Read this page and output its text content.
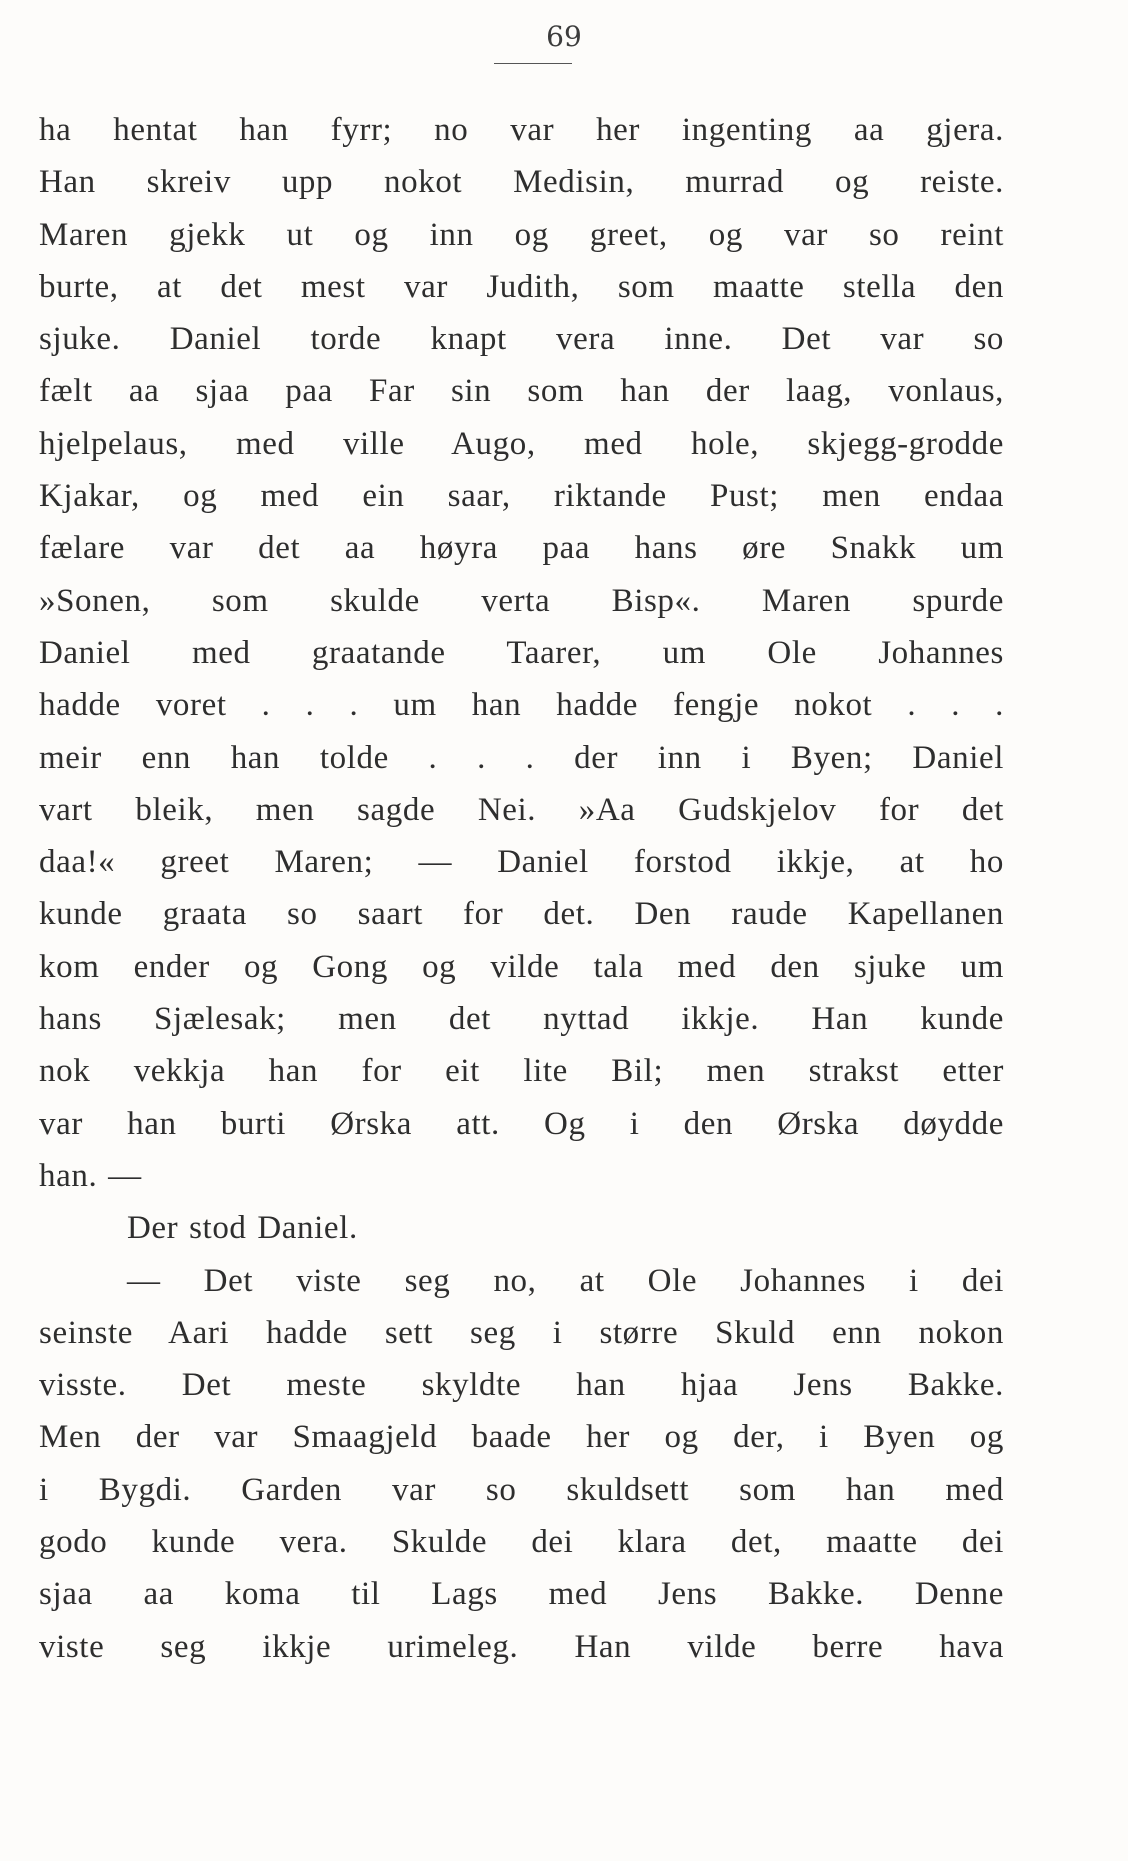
69
ha hentat han fyrr; no var her ingenting aa gjera.
Han skreiv upp nokot Medisin, murrad og reiste.
Maren gjekk ut og inn og greet, og var so reint
burte, at det mest var Judith, som maatte stella den
sjuke. Daniel torde knapt vera inne. Det var so
fælt aa sjaa paa Far sin som han der laag, vonlaus,
hjelpelaus, med ville Augo, med hole, skjegg-grodde
Kjakar, og med ein saar, riktande Pust; men endaa
fælare var det aa høyra paa hans øre Snakk um
»Sonen, som skulde verta Bisp«. Maren spurde
Daniel med graatande Taarer, um Ole Johannes
hadde voret . . . um han hadde fengje nokot . . .
meir enn han tolde . . . der inn i Byen; Daniel
vart bleik, men sagde Nei. »Aa Gudskjelov for det
daa!« greet Maren; — Daniel forstod ikkje, at ho
kunde graata so saart for det. Den raude Kapellanen
kom ender og Gong og vilde tala med den sjuke um
hans Sjælesak; men det nyttad ikkje. Han kunde
nok vekkja han for eit lite Bil; men strakst etter
var han burti Ørska att. Og i den Ørska døydde
han. —
Der stod Daniel.
— Det viste seg no, at Ole Johannes i dei
seinste Aari hadde sett seg i større Skuld enn nokon
visste. Det meste skyldte han hjaa Jens Bakke.
Men der var Smaagjeld baade her og der, i Byen og
i Bygdi. Garden var so skuldsett som han med
godo kunde vera. Skulde dei klara det, maatte dei
sjaa aa koma til Lags med Jens Bakke. Denne
viste seg ikkje urimeleg. Han vilde berre hava
